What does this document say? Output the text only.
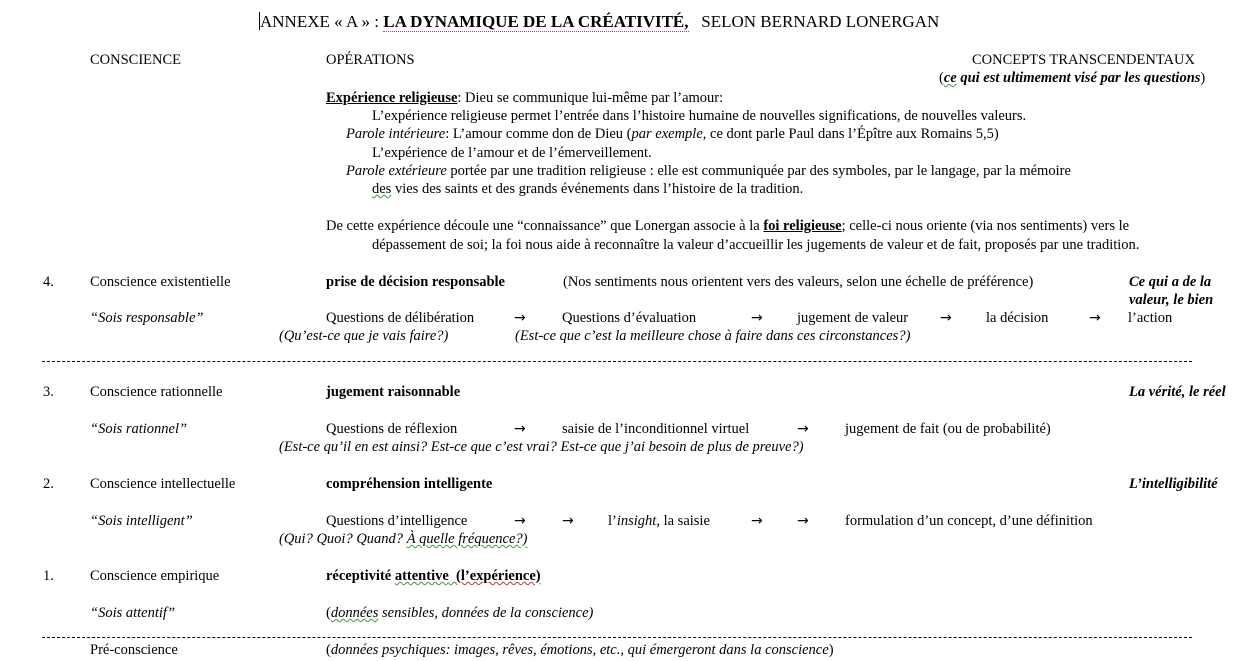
ANNEXE « A » : LA DYNAMIQUE DE LA CRÉATIVITÉ, SELON BERNARD LONERGAN
CONSCIENCE	OPÉRATIONS	CONCEPTS TRANSCENDENTAUX
(ce qui est ultimement visé par les questions)
Expérience religieuse: Dieu se communique lui-même par l’amour:
L’expérience religieuse permet l’entrée dans l’histoire humaine de nouvelles significations, de nouvelles valeurs.
Parole intérieure: L’amour comme don de Dieu (par exemple, ce dont parle Paul dans l’Épître aux Romains 5,5)
L’expérience de l’amour et de l’émerveillement.
Parole extérieure portée par une tradition religieuse : elle est communiquée par des symboles, par le langage, par la mémoire
des vies des saints et des grands événements dans l’histoire de la tradition.
De cette expérience découle une “connaissance” que Lonergan associe à la foi religieuse; celle-ci nous oriente (via nos sentiments) vers le
dépassement de soi; la foi nous aide à reconnaître la valeur d’accueillir les jugements de valeur et de fait, proposés par une tradition.
4. Conscience existentielle	prise de décision responsable	(Nos sentiments nous orientent vers des valeurs, selon une échelle de préférence)	Ce qui a de la
valeur, le bien
“Sois responsable”	Questions de délibération	→	Questions d’évaluation	→ jugement de valeur → la décision	→ l’action
(Qu’est-ce que je vais faire?)	(Est-ce que c’est la meilleure chose à faire dans ces circonstances?)
3. Conscience rationnelle	jugement raisonnable	La vérité, le réel
“Sois rationnel”	Questions de réflexion	→	saisie de l’inconditionnel virtuel	→	jugement de fait (ou de probabilité)
(Est-ce qu’il en est ainsi? Est-ce que c’est vrai? Est-ce que j’ai besoin de plus de preuve?)
2. Conscience intellectuelle	compréhension intelligente	L’intelligibilité
“Sois intelligent”	Questions d’intelligence	→	→ l’insight, la saisie	→ →	formulation d’un concept, d’une définition
(Qui? Quoi? Quand? À quelle fréquence?)
1. Conscience empirique	réceptivité attentive (l’expérience)
“Sois attentif”	(données sensibles, données de la conscience)
Pré-conscience	(données psychiques: images, rêves, émotions, etc., qui émergeront dans la conscience)
